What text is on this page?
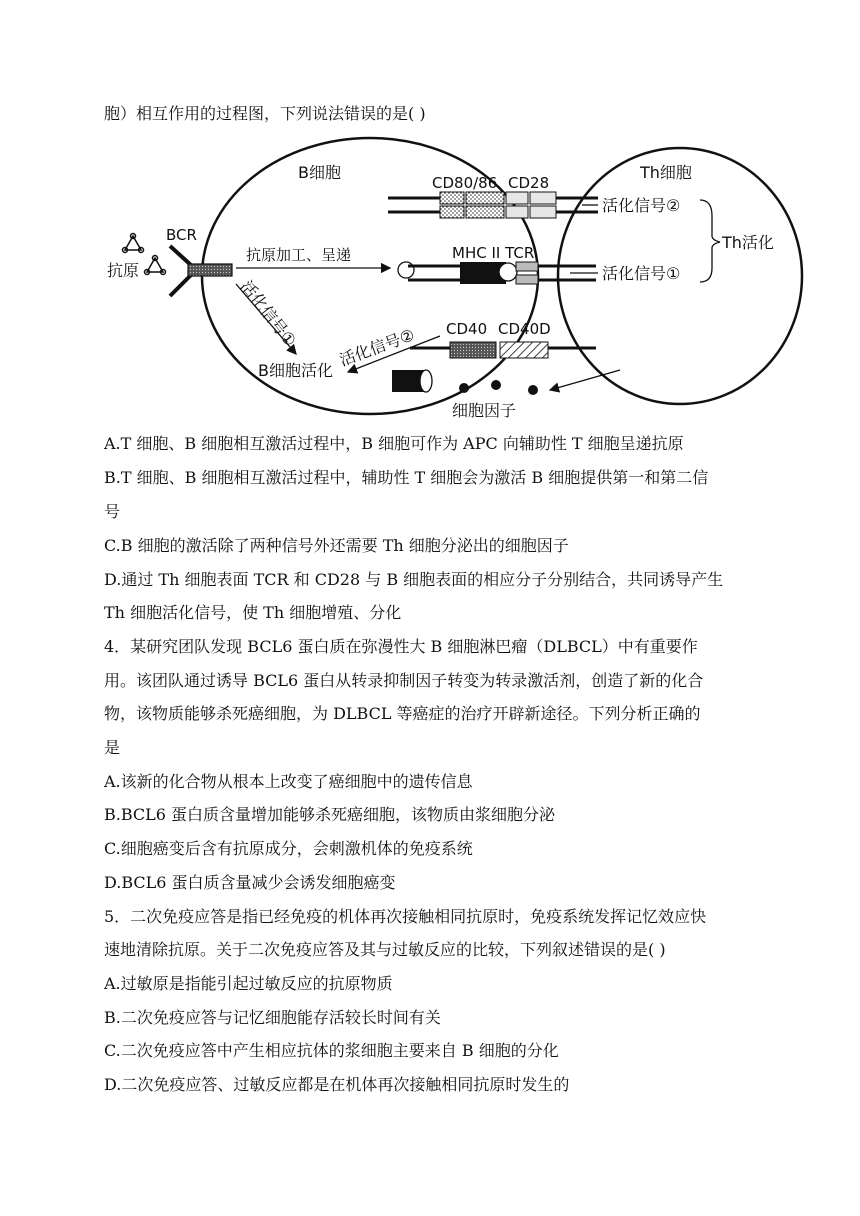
胞）相互作用的过程图，下列说法错误的是( )
B细胞	Th细胞
抗原
BCR
抗原加工、呈递
活化信号①
B细胞活化
活化信号②
CD80/86 CD28
MHC II TCR
CD40 CD40D
细胞因子
活化信号②
活化信号①
Th活化
A.T 细胞、B 细胞相互激活过程中，B 细胞可作为 APC 向辅助性 T 细胞呈递抗原
B.T 细胞、B 细胞相互激活过程中，辅助性 T 细胞会为激活 B 细胞提供第一和第二信
号
C.B 细胞的激活除了两种信号外还需要 Th 细胞分泌出的细胞因子
D.通过 Th 细胞表面 TCR 和 CD28 与 B 细胞表面的相应分子分别结合，共同诱导产生
Th 细胞活化信号，使 Th 细胞增殖、分化
4．某研究团队发现 BCL6 蛋白质在弥漫性大 B 细胞淋巴瘤（DLBCL）中有重要作
用。该团队通过诱导 BCL6 蛋白从转录抑制因子转变为转录激活剂，创造了新的化合
物，该物质能够杀死癌细胞，为 DLBCL 等癌症的治疗开辟新途径。下列分析正确的
是
A.该新的化合物从根本上改变了癌细胞中的遗传信息
B.BCL6 蛋白质含量增加能够杀死癌细胞，该物质由浆细胞分泌
C.细胞癌变后含有抗原成分，会刺激机体的免疫系统
D.BCL6 蛋白质含量减少会诱发细胞癌变
5．二次免疫应答是指已经免疫的机体再次接触相同抗原时，免疫系统发挥记忆效应快
速地清除抗原。关于二次免疫应答及其与过敏反应的比较，下列叙述错误的是( )
A.过敏原是指能引起过敏反应的抗原物质
B.二次免疫应答与记忆细胞能存活较长时间有关
C.二次免疫应答中产生相应抗体的浆细胞主要来自 B 细胞的分化
D.二次免疫应答、过敏反应都是在机体再次接触相同抗原时发生的
